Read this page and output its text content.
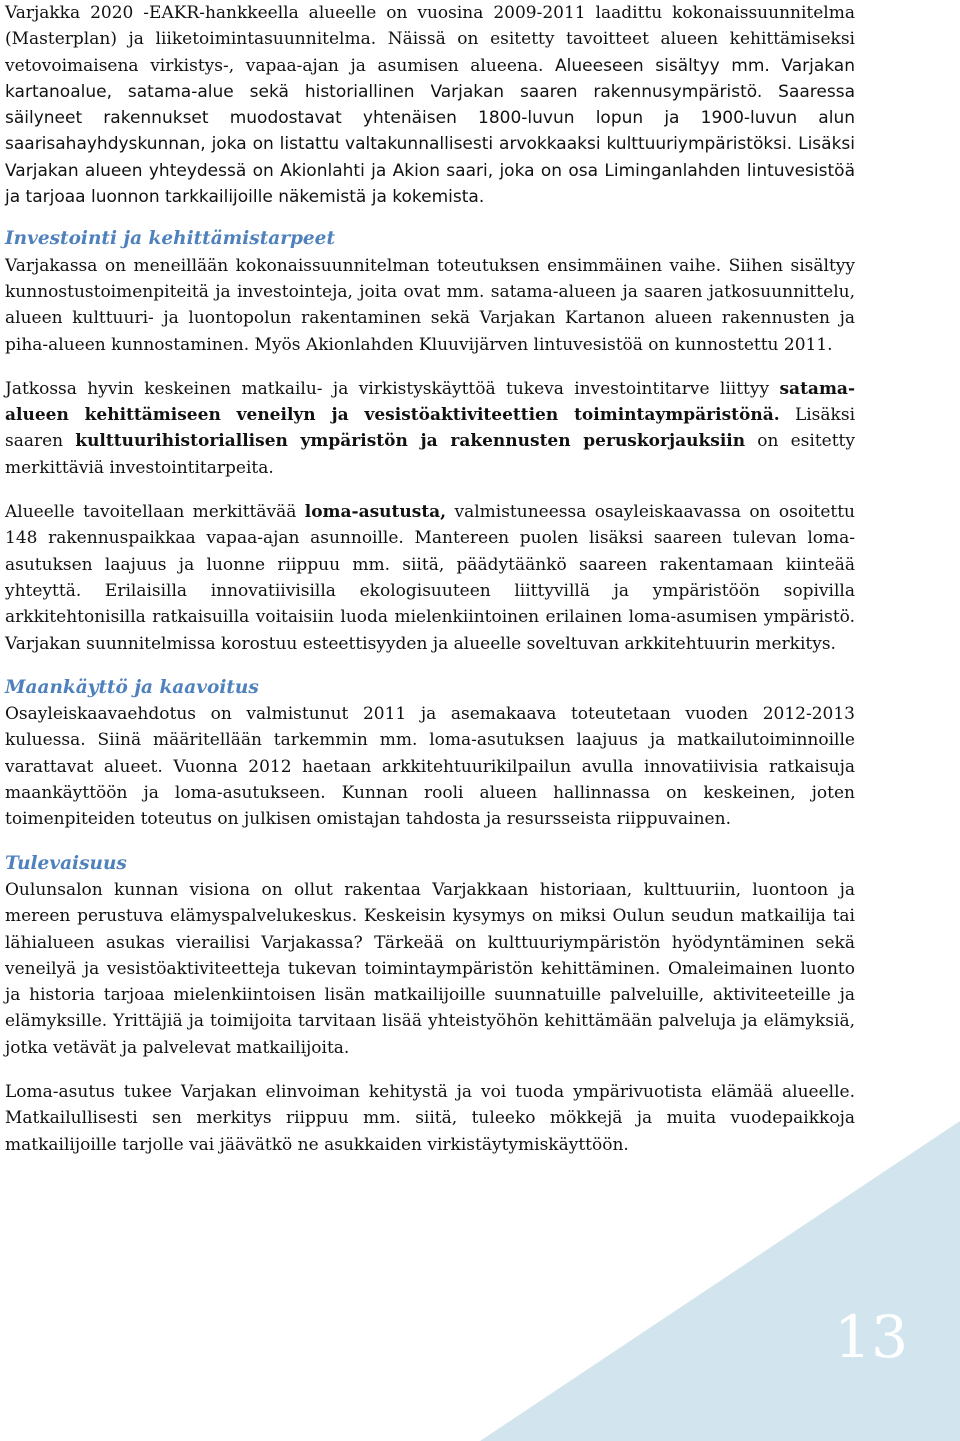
13

Varjakka 2020 -EAKR-hankkeella alueelle on vuosina 2009-2011 laadittu kokonaissuunnitelma (Masterplan) ja liiketoimintasuunnitelma. Näissä on esitetty tavoitteet alueen kehittämiseksi vetovoimaisena virkistys-, vapaa-ajan ja asumisen alueena. Alueeseen sisältyy mm. Varjakan kartanoalue, satama-alue sekä historiallinen Varjakan saaren rakennusympäristö. Saaressa säilyneet rakennukset muodostavat yhtenäisen 1800-luvun lopun ja 1900-luvun alun saarisahayhdyskunnan, joka on listattu valtakunnallisesti arvokkaaksi kulttuuriympäristöksi. Lisäksi Varjakan alueen yhteydessä on Akionlahti ja Akion saari, joka on osa Liminganlahden lintuvesistöä ja tarjoaa luonnon tarkkailijoille näkemistä ja kokemista.

Investointi ja kehittämistarpeet

Varjakassa on meneillään kokonaissuunnitelman toteutuksen ensimmäinen vaihe. Siihen sisältyy kunnostustoimenpiteitä ja investointeja, joita ovat mm. satama-alueen ja saaren jatkosuunnittelu, alueen kulttuuri- ja luontopolun rakentaminen sekä Varjakan Kartanon alueen rakennusten ja piha-alueen kunnostaminen. Myös Akionlahden Kluuvijärven lintuvesistöä on kunnostettu 2011.

Jatkossa hyvin keskeinen matkailu- ja virkistyskäyttöä tukeva investointitarve liittyy satama-alueen kehittämiseen veneilyn ja vesistöaktiviteettien toimintaympäristönä. Lisäksi saaren kulttuurihistoriallisen ympäristön ja rakennusten peruskorjauksiin on esitetty merkittäviä investointitarpeita.

Alueelle tavoitellaan merkittävää loma-asutusta, valmistuneessa osayleiskaavassa on osoitettu 148 rakennuspaikkaa vapaa-ajan asunnoille. Mantereen puolen lisäksi saareen tulevan loma-asutuksen laajuus ja luonne riippuu mm. siitä, päädytäänkö saareen rakentamaan kiinteää yhteyttä. Erilaisilla innovatiivisilla ekologisuuteen liittyvillä ja ympäristöön sopivilla arkkitehtonisilla ratkaisuilla voitaisiin luoda mielenkiintoinen erilainen loma-asumisen ympäristö. Varjakan suunnitelmissa korostuu esteettisyyden ja alueelle soveltuvan arkkitehtuurin merkitys.

Maankäyttö ja kaavoitus

Osayleiskaavaehdotus on valmistunut 2011 ja asemakaava toteutetaan vuoden 2012-2013 kuluessa. Siinä määritellään tarkemmin mm. loma-asutuksen laajuus ja matkailutoiminnoille varattavat alueet. Vuonna 2012 haetaan arkkitehtuurikilpailun avulla innovatiivisia ratkaisuja maankäyttöön ja loma-asutukseen. Kunnan rooli alueen hallinnassa on keskeinen, joten toimenpiteiden toteutus on julkisen omistajan tahdosta ja resursseista riippuvainen.

Tulevaisuus

Oulunsalon kunnan visiona on ollut rakentaa Varjakkaan historiaan, kulttuuriin, luontoon ja mereen perustuva elämyspalvelukeskus. Keskeisin kysymys on miksi Oulun seudun matkailija tai lähialueen asukas vierailisi Varjakassa? Tärkeää on kulttuuriympäristön hyödyntäminen sekä veneilyä ja vesistöaktiviteetteja tukevan toimintaympäristön kehittäminen. Omaleimainen luonto ja historia tarjoaa mielenkiintoisen lisän matkailijoille suunnatuille palveluille, aktiviteeteille ja elämyksille. Yrittäjiä ja toimijoita tarvitaan lisää yhteistyöhön kehittämään palveluja ja elämyksiä, jotka vetävät ja palvelevat matkailijoita.

Loma-asutus tukee Varjakan elinvoiman kehitystä ja voi tuoda ympärivuotista elämää alueelle. Matkailullisesti sen merkitys riippuu mm. siitä, tuleeko mökkejä ja muita vuodepaikkoja matkailijoille tarjolle vai jäävätkö ne asukkaiden virkistäytymiskäyttöön.
